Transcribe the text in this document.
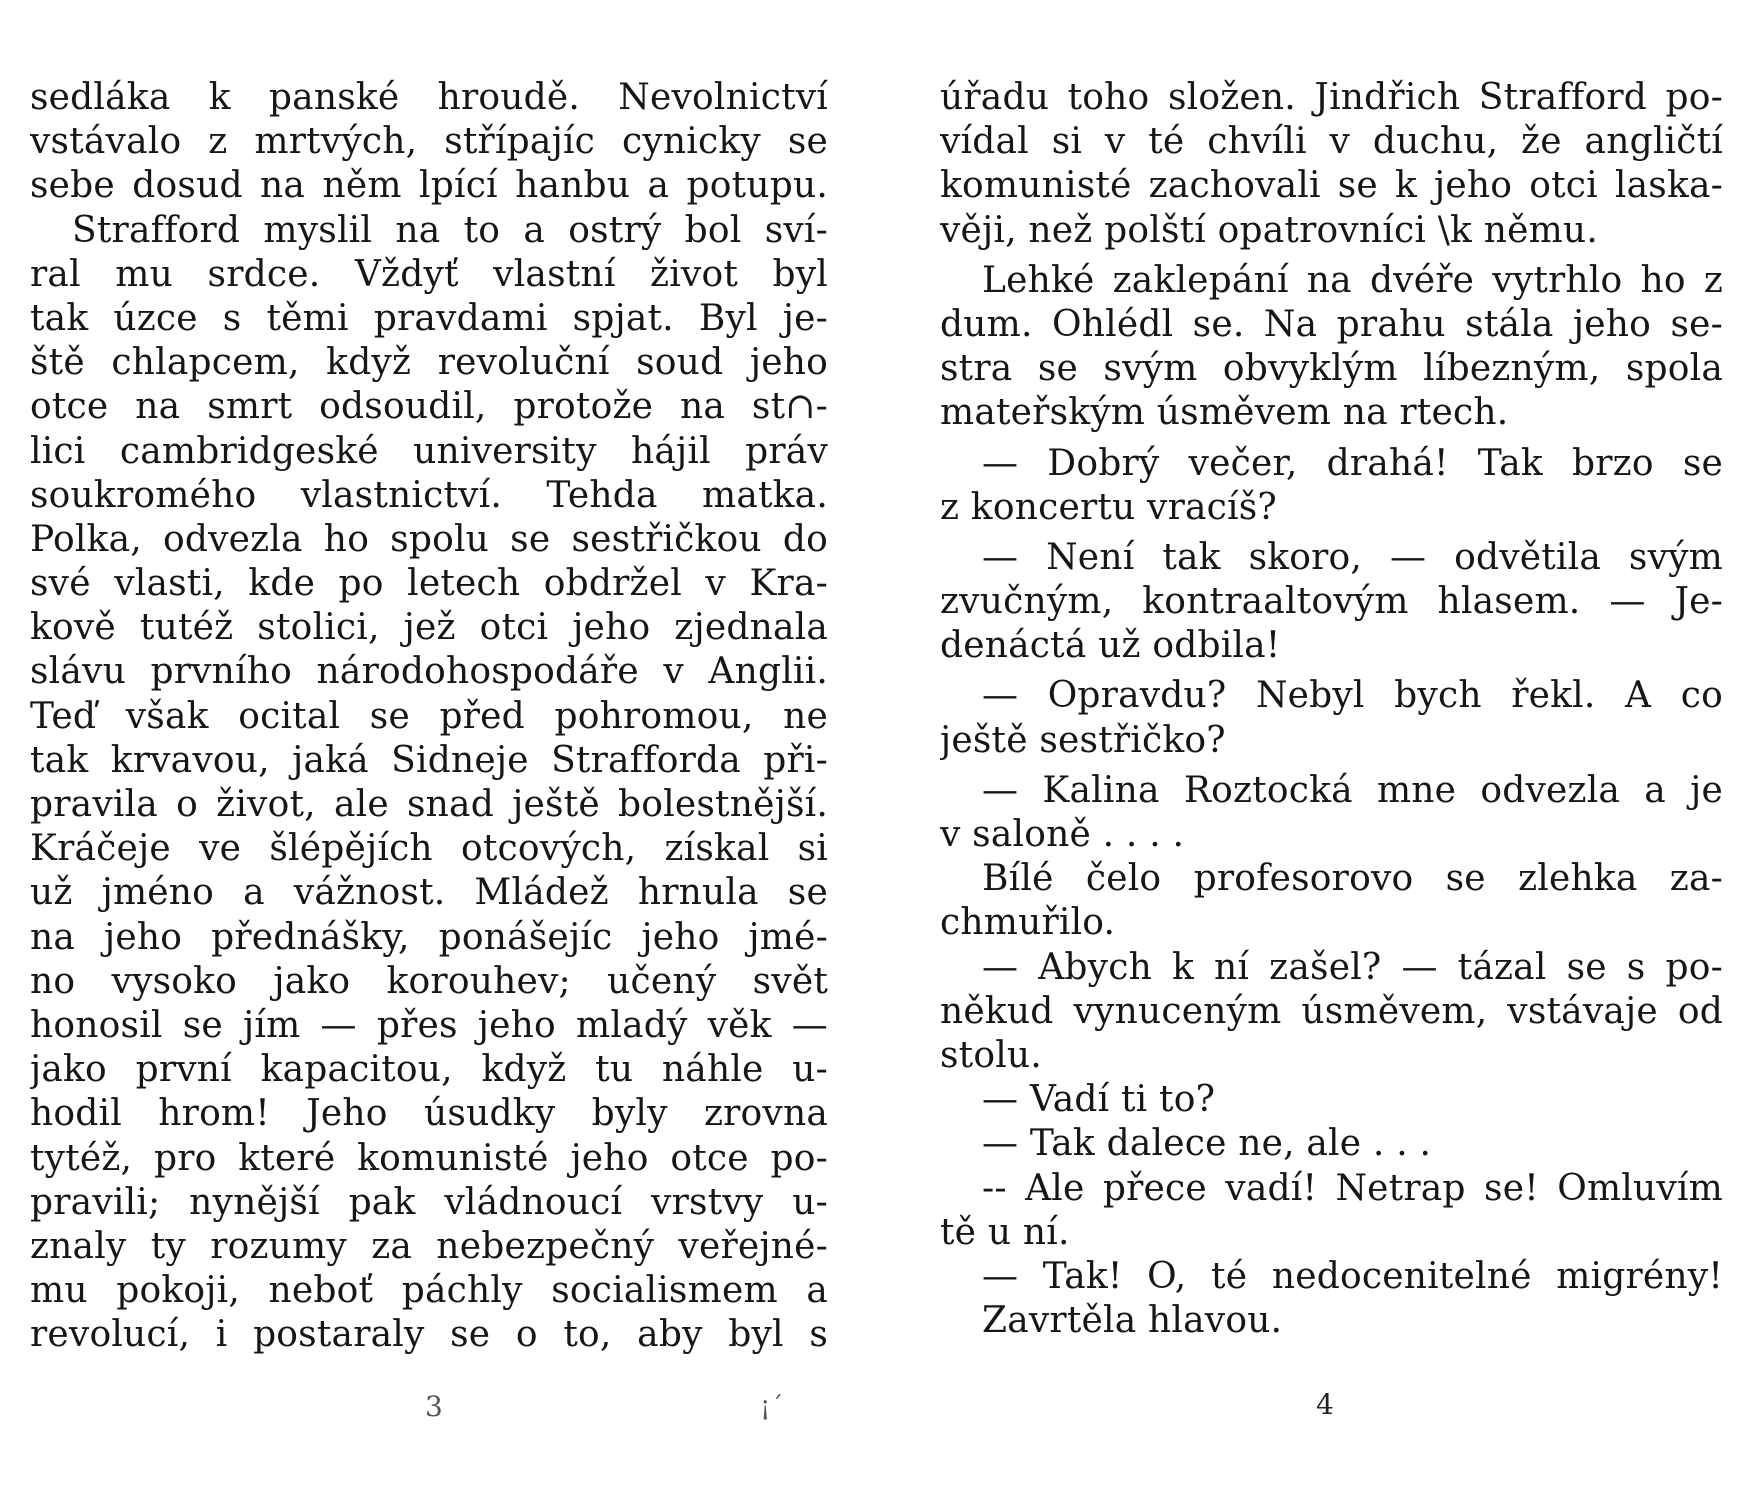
sedláka k panské hroudě. Nevolnictví
vstávalo z mrtvých, střípajíc cynicky se
sebe dosud na něm lpící hanbu a potupu.
Strafford myslil na to a ostrý bol sví-
ral mu srdce. Vždyť vlastní život byl
tak úzce s těmi pravdami spjat. Byl je-
ště chlapcem, když revoluční soud jeho
otce na smrt odsoudil, protože na st∩-
lici cambridgeské university hájil práv
soukromého vlastnictví. Tehda matka.
Polka, odvezla ho spolu se sestřičkou do
své vlasti, kde po letech obdržel v Kra-
kově tutéž stolici, jež otci jeho zjednala
slávu prvního národohospodáře v Anglii.
Teď však ocital se před pohromou, ne
tak krvavou, jaká Sidneje Strafforda při-
pravila o život, ale snad ještě bolestnější.
Kráčeje ve šlépějích otcových, získal si
už jméno a vážnost. Mládež hrnula se
na jeho přednášky, ponášejíc jeho jmé-
no vysoko jako korouhev; učený svět
honosil se jím — přes jeho mladý věk —
jako první kapacitou, když tu náhle u-
hodil hrom! Jeho úsudky byly zrovna
tytéž, pro které komunisté jeho otce po-
pravili; nynější pak vládnoucí vrstvy u-
znaly ty rozumy za nebezpečný veřejné-
mu pokoji, neboť páchly socialismem a
revolucí, i postaraly se o to, aby byl s
úřadu toho složen. Jindřich Strafford po-
vídal si v té chvíli v duchu, že angličtí
komunisté zachovali se k jeho otci laska-
věji, než polští opatrovníci \k němu.
Lehké zaklepání na dvéře vytrhlo ho z
dum. Ohlédl se. Na prahu stála jeho se-
stra se svým obvyklým líbezným, spola
mateřským úsměvem na rtech.
— Dobrý večer, drahá! Tak brzo se
z koncertu vracíš?
— Není tak skoro, — odvětila svým
zvučným, kontraaltovým hlasem. — Je-
denáctá už odbila!
— Opravdu? Nebyl bych řekl. A co
ještě sestřičko?
— Kalina Roztocká mne odvezla a je
v saloně . . . .
Bílé čelo profesorovo se zlehka za-
chmuřilo.
— Abych k ní zašel? — tázal se s po-
někud vynuceným úsměvem, vstávaje od
stolu.
— Vadí ti to?
— Tak dalece ne, ale . . .
-- Ale přece vadí! Netrap se! Omluvím
tě u ní.
— Tak! O, té nedocenitelné migrény!
Zavrtěla hlavou.
3	¡ˊ	4
